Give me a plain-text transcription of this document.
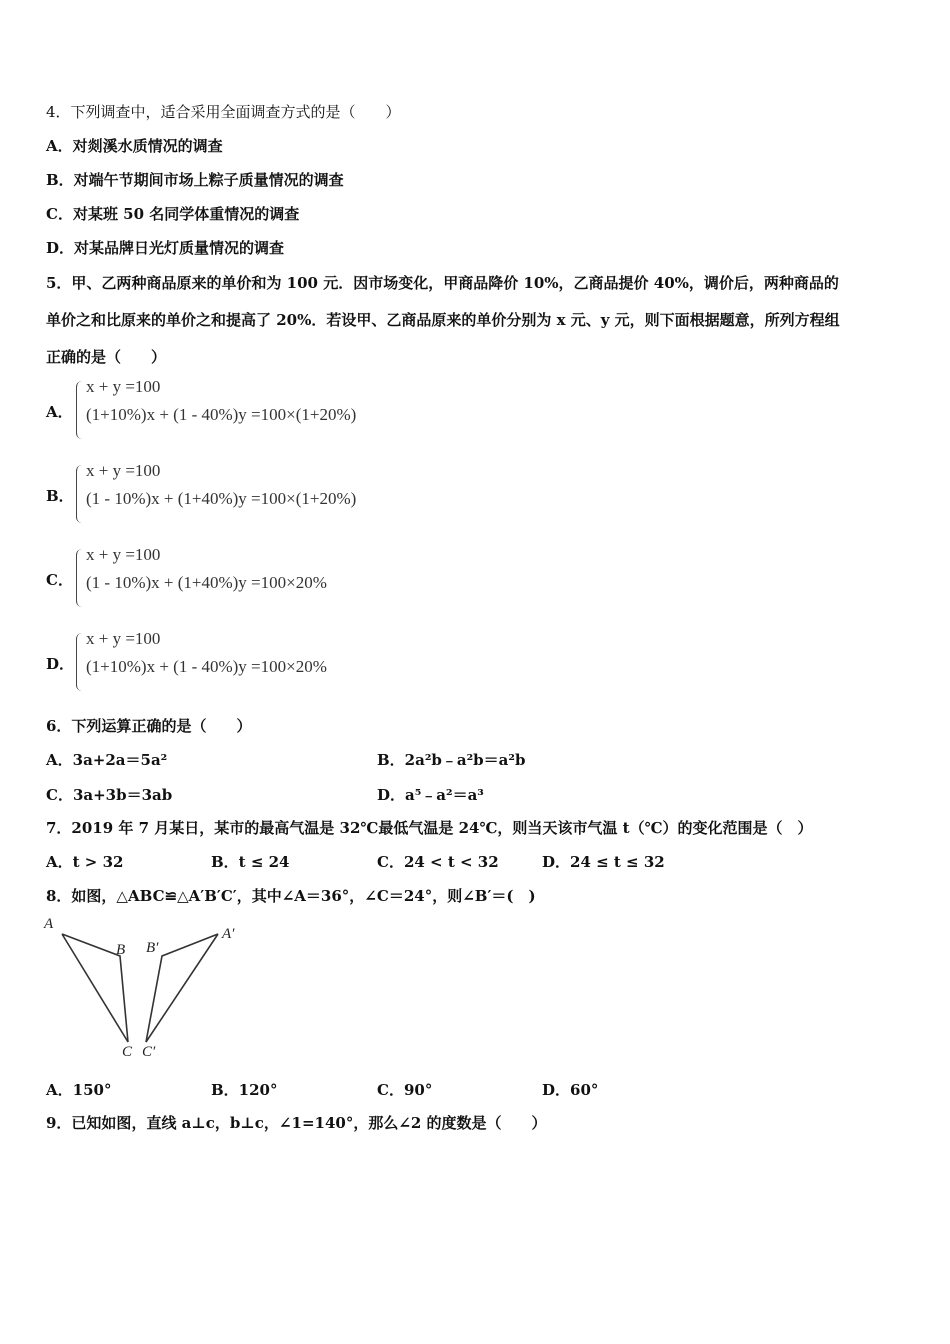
4．下列调查中，适合采用全面调查方式的是（　　）
A．对剡溪水质情况的调查
B．对端午节期间市场上粽子质量情况的调查
C．对某班 50 名同学体重情况的调查
D．对某品牌日光灯质量情况的调查
5．甲、乙两种商品原来的单价和为 100 元．因市场变化，甲商品降价 10%，乙商品提价 40%，调价后，两种商品的
单价之和比原来的单价之和提高了 20%．若设甲、乙商品原来的单价分别为 x 元、y 元，则下面根据题意，所列方程组
正确的是（　　）
A．
x + y =100
(1+10%)x + (1 - 40%)y =100×(1+20%)
B．
x + y =100
(1 - 10%)x + (1+40%)y =100×(1+20%)
C．
x + y =100
(1 - 10%)x + (1+40%)y =100×20%
D．
x + y =100
(1+10%)x + (1 - 40%)y =100×20%
6．下列运算正确的是（　　）
A．3a+2a＝5a²	B．2a²b﹣a²b＝a²b
C．3a+3b＝3ab	D．a⁵﹣a²＝a³
7．2019 年 7 月某日，某市的最高气温是 32℃最低气温是 24℃，则当天该市气温 t（℃）的变化范围是（　）
A．t > 32	B．t ≤ 24	C．24 < t < 32	D．24 ≤ t ≤ 32
8．如图，△ABC≌△A′B′C′，其中∠A＝36°，∠C＝24°，则∠B′＝(　)
A
B
C
B′
A′
C′
A．150°	B．120°	C．90°	D．60°
9．已知如图，直线 a⊥c，b⊥c，∠1=140°，那么∠2 的度数是（　　）
